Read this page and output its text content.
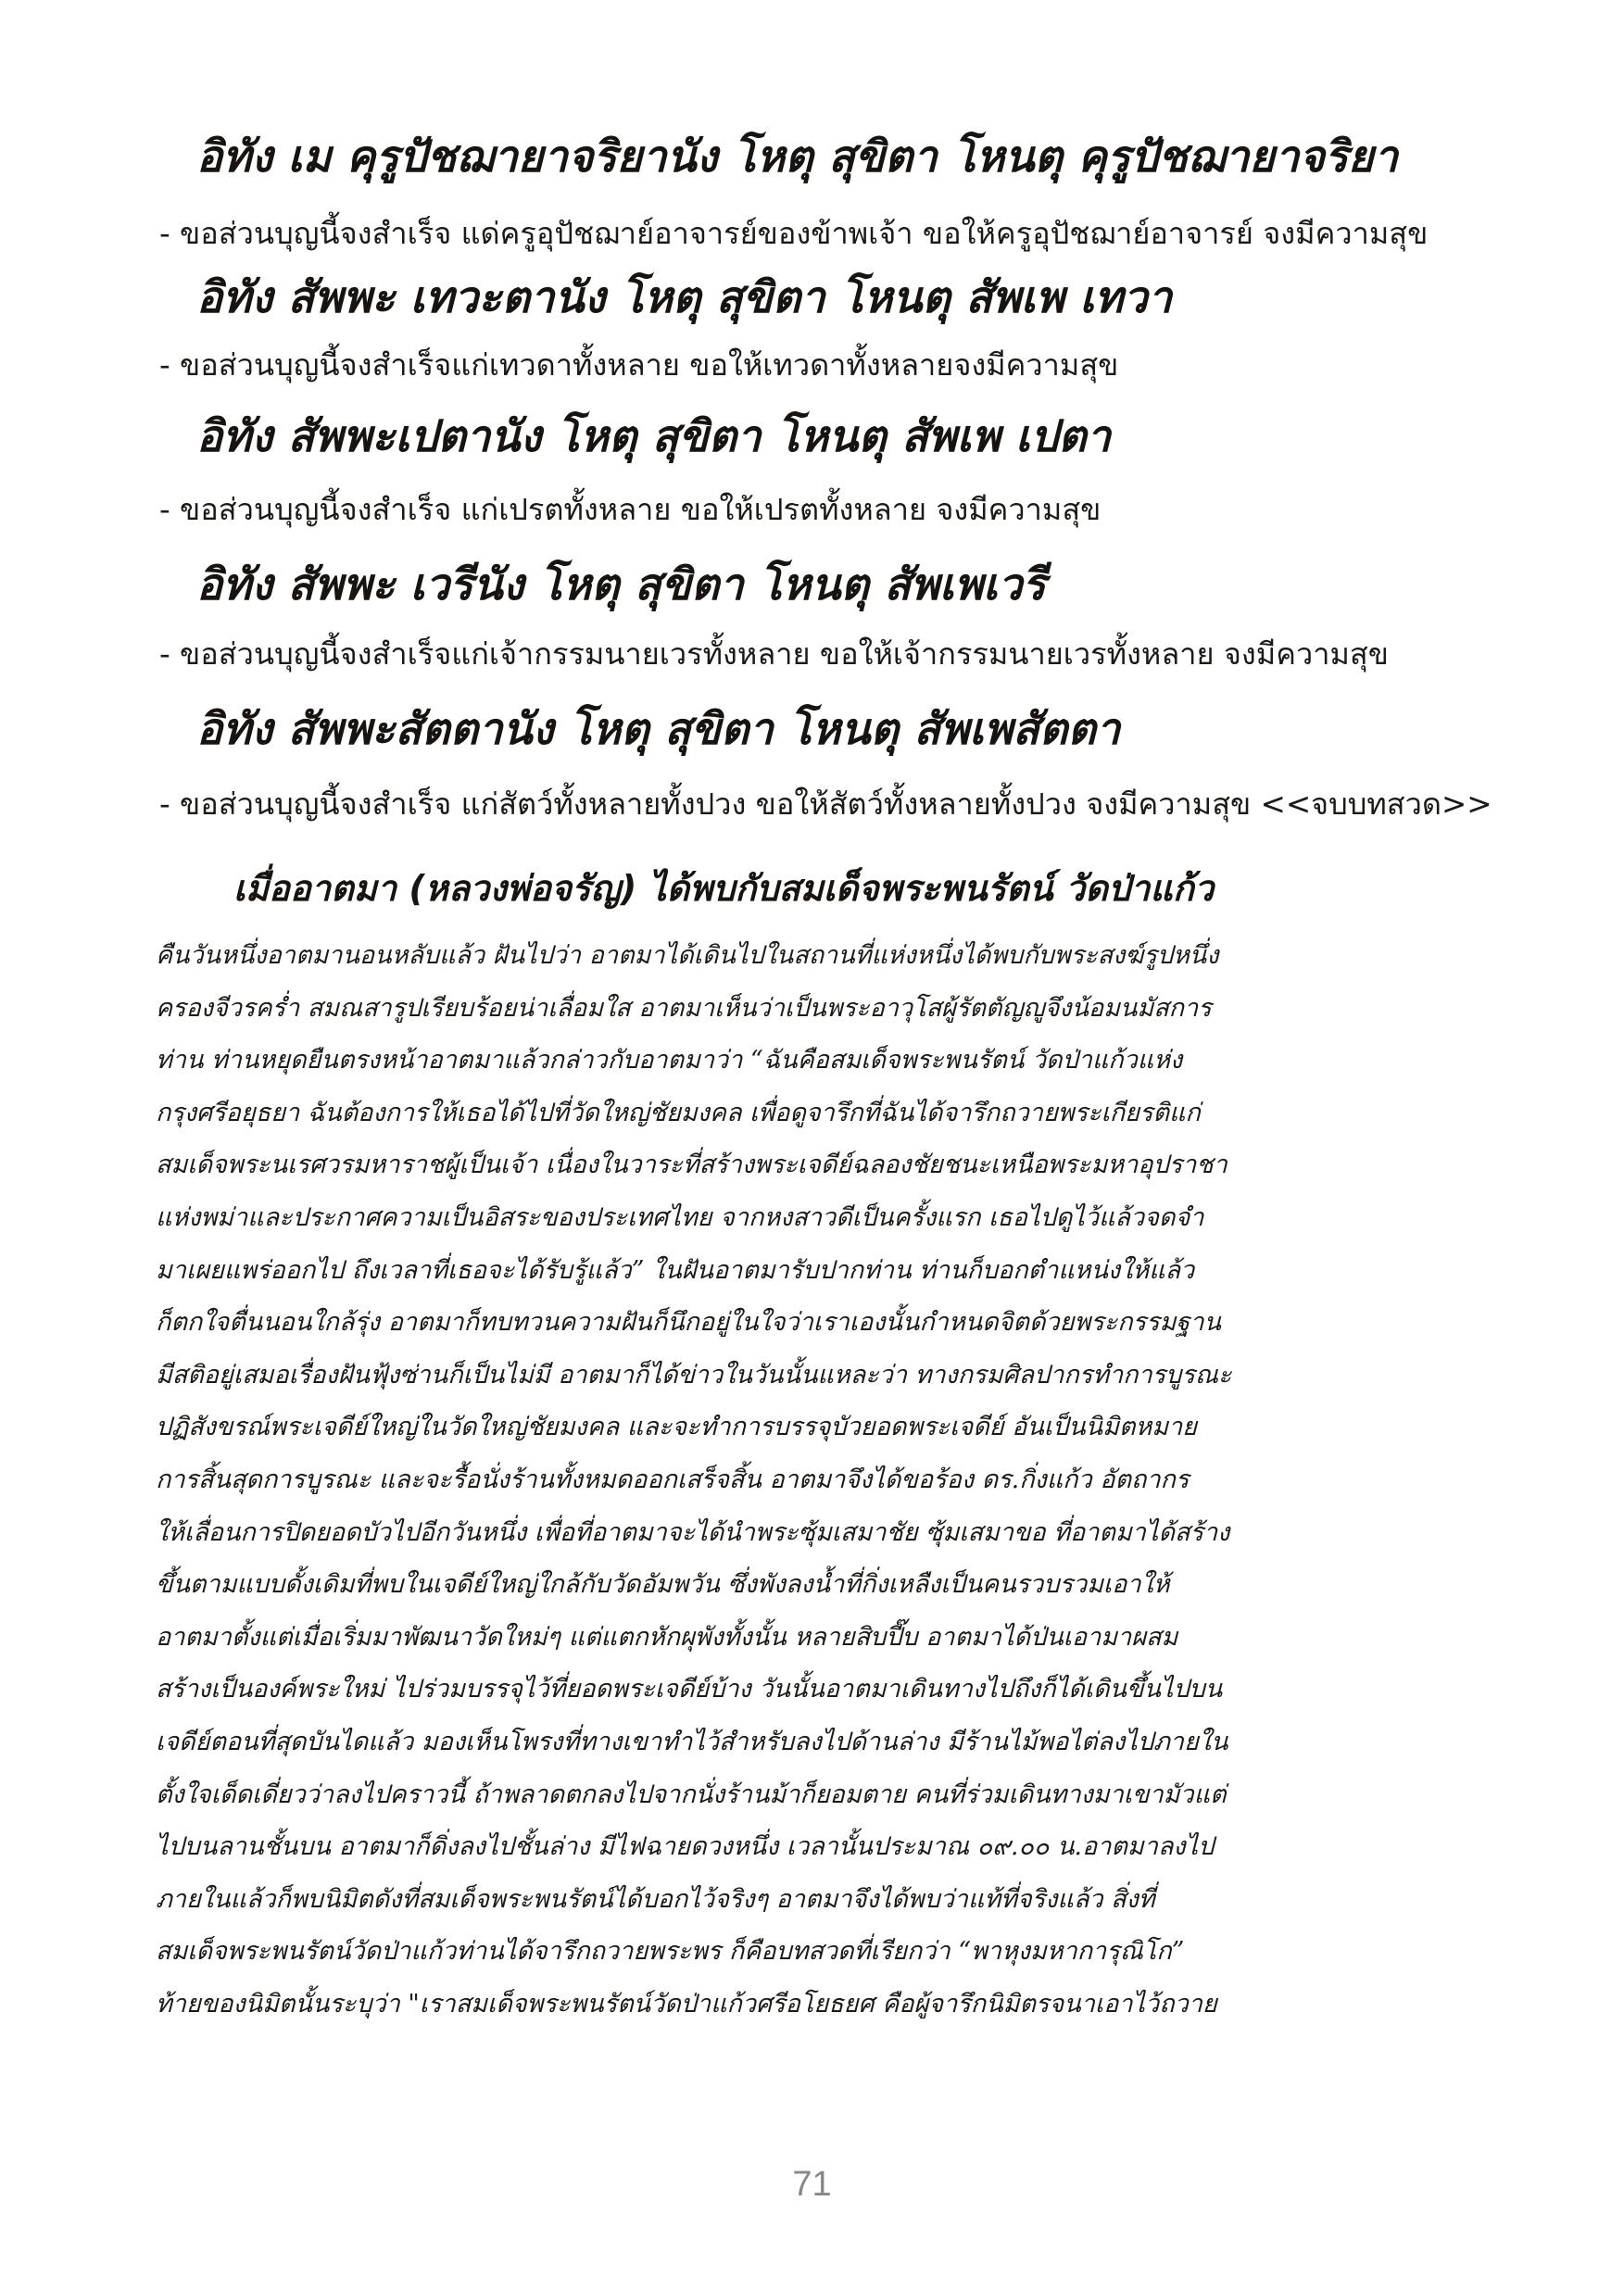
อิทัง เม คุรูปัชฌายาจริยานัง โหตุ สุขิตา โหนตุ คุรูปัชฌายาจริยา
- ขอส่วนบุญนี้จงสำเร็จ แด่ครูอุปัชฌาย์อาจารย์ของข้าพเจ้า ขอให้ครูอุปัชฌาย์อาจารย์ จงมีความสุข
อิทัง สัพพะ เทวะตานัง โหตุ สุขิตา โหนตุ สัพเพ เทวา
- ขอส่วนบุญนี้จงสำเร็จแก่เทวดาทั้งหลาย ขอให้เทวดาทั้งหลายจงมีความสุข
อิทัง สัพพะเปตานัง โหตุ สุขิตา โหนตุ สัพเพ เปตา
- ขอส่วนบุญนี้จงสำเร็จ แก่เปรตทั้งหลาย ขอให้เปรตทั้งหลาย จงมีความสุข
อิทัง สัพพะ เวรีนัง โหตุ สุขิตา โหนตุ สัพเพเวรี
- ขอส่วนบุญนี้จงสำเร็จแก่เจ้ากรรมนายเวรทั้งหลาย ขอให้เจ้ากรรมนายเวรทั้งหลาย จงมีความสุข
อิทัง สัพพะสัตตานัง โหตุ สุขิตา โหนตุ สัพเพสัตตา
- ขอส่วนบุญนี้จงสำเร็จ แก่สัตว์ทั้งหลายทั้งปวง ขอให้สัตว์ทั้งหลายทั้งปวง จงมีความสุข <<จบบทสวด>>
เมื่ออาตมา (หลวงพ่อจรัญ) ได้พบกับสมเด็จพระพนรัตน์ วัดป่าแก้ว
คืนวันหนึ่งอาตมานอนหลับแล้ว ฝันไปว่า อาตมาได้เดินไปในสถานที่แห่งหนึ่งได้พบกับพระสงฆ์รูปหนึ่ง
ครองจีวรคร่ำ สมณสารูปเรียบร้อยน่าเลื่อมใส อาตมาเห็นว่าเป็นพระอาวุโสผู้รัตตัญญูจึงน้อมนมัสการ
ท่าน ท่านหยุดยืนตรงหน้าอาตมาแล้วกล่าวกับอาตมาว่า “ฉันคือสมเด็จพระพนรัตน์ วัดป่าแก้วแห่ง
กรุงศรีอยุธยา ฉันต้องการให้เธอได้ไปที่วัดใหญ่ชัยมงคล เพื่อดูจารึกที่ฉันได้จารึกถวายพระเกียรติแก่
สมเด็จพระนเรศวรมหาราชผู้เป็นเจ้า เนื่องในวาระที่สร้างพระเจดีย์ฉลองชัยชนะเหนือพระมหาอุปราชา
แห่งพม่าและประกาศความเป็นอิสระของประเทศไทย จากหงสาวดีเป็นครั้งแรก เธอไปดูไว้แล้วจดจำ
มาเผยแพร่ออกไป ถึงเวลาที่เธอจะได้รับรู้แล้ว” ในฝันอาตมารับปากท่าน ท่านก็บอกตำแหน่งให้แล้ว
ก็ตกใจตื่นนอนใกล้รุ่ง อาตมาก็ทบทวนความฝันก็นึกอยู่ในใจว่าเราเองนั้นกำหนดจิตด้วยพระกรรมฐาน
มีสติอยู่เสมอเรื่องฝันฟุ้งซ่านก็เป็นไม่มี อาตมาก็ได้ข่าวในวันนั้นแหละว่า ทางกรมศิลปากรทำการบูรณะ
ปฏิสังขรณ์พระเจดีย์ใหญ่ในวัดใหญ่ชัยมงคล และจะทำการบรรจุบัวยอดพระเจดีย์ อันเป็นนิมิตหมาย
การสิ้นสุดการบูรณะ และจะรื้อนั่งร้านทั้งหมดออกเสร็จสิ้น อาตมาจึงได้ขอร้อง ดร.กิ่งแก้ว อัตถากร
ให้เลื่อนการปิดยอดบัวไปอีกวันหนึ่ง เพื่อที่อาตมาจะได้นำพระซุ้มเสมาชัย ซุ้มเสมาขอ ที่อาตมาได้สร้าง
ขึ้นตามแบบดั้งเดิมที่พบในเจดีย์ใหญ่ใกล้กับวัดอัมพวัน ซึ่งพังลงน้ำที่กิ่งเหลืงเป็นคนรวบรวมเอาให้
อาตมาตั้งแต่เมื่อเริ่มมาพัฒนาวัดใหม่ๆ แต่แตกหักผุพังทั้งนั้น หลายสิบปี๊บ อาตมาได้ป่นเอามาผสม
สร้างเป็นองค์พระใหม่ ไปร่วมบรรจุไว้ที่ยอดพระเจดีย์บ้าง วันนั้นอาตมาเดินทางไปถึงก็ได้เดินขึ้นไปบน
เจดีย์ตอนที่สุดบันไดแล้ว มองเห็นโพรงที่ทางเขาทำไว้สำหรับลงไปด้านล่าง มีร้านไม้พอไต่ลงไปภายใน
ตั้งใจเด็ดเดี่ยวว่าลงไปคราวนี้ ถ้าพลาดตกลงไปจากนั่งร้านม้าก็ยอมตาย คนที่ร่วมเดินทางมาเขามัวแต่
ไปบนลานชั้นบน อาตมาก็ดิ่งลงไปชั้นล่าง มีไฟฉายดวงหนึ่ง เวลานั้นประมาณ ๐๙.๐๐ น.อาตมาลงไป
ภายในแล้วก็พบนิมิตดังที่สมเด็จพระพนรัตน์ได้บอกไว้จริงๆ อาตมาจึงได้พบว่าแท้ที่จริงแล้ว สิ่งที่
สมเด็จพระพนรัตน์วัดป่าแก้วท่านได้จารึกถวายพระพร ก็คือบทสวดที่เรียกว่า “พาหุงมหาการุณิโก”
ท้ายของนิมิตนั้นระบุว่า "เราสมเด็จพระพนรัตน์วัดป่าแก้วศรีอโยธยศ คือผู้จารึกนิมิตรจนาเอาไว้ถวาย
71
